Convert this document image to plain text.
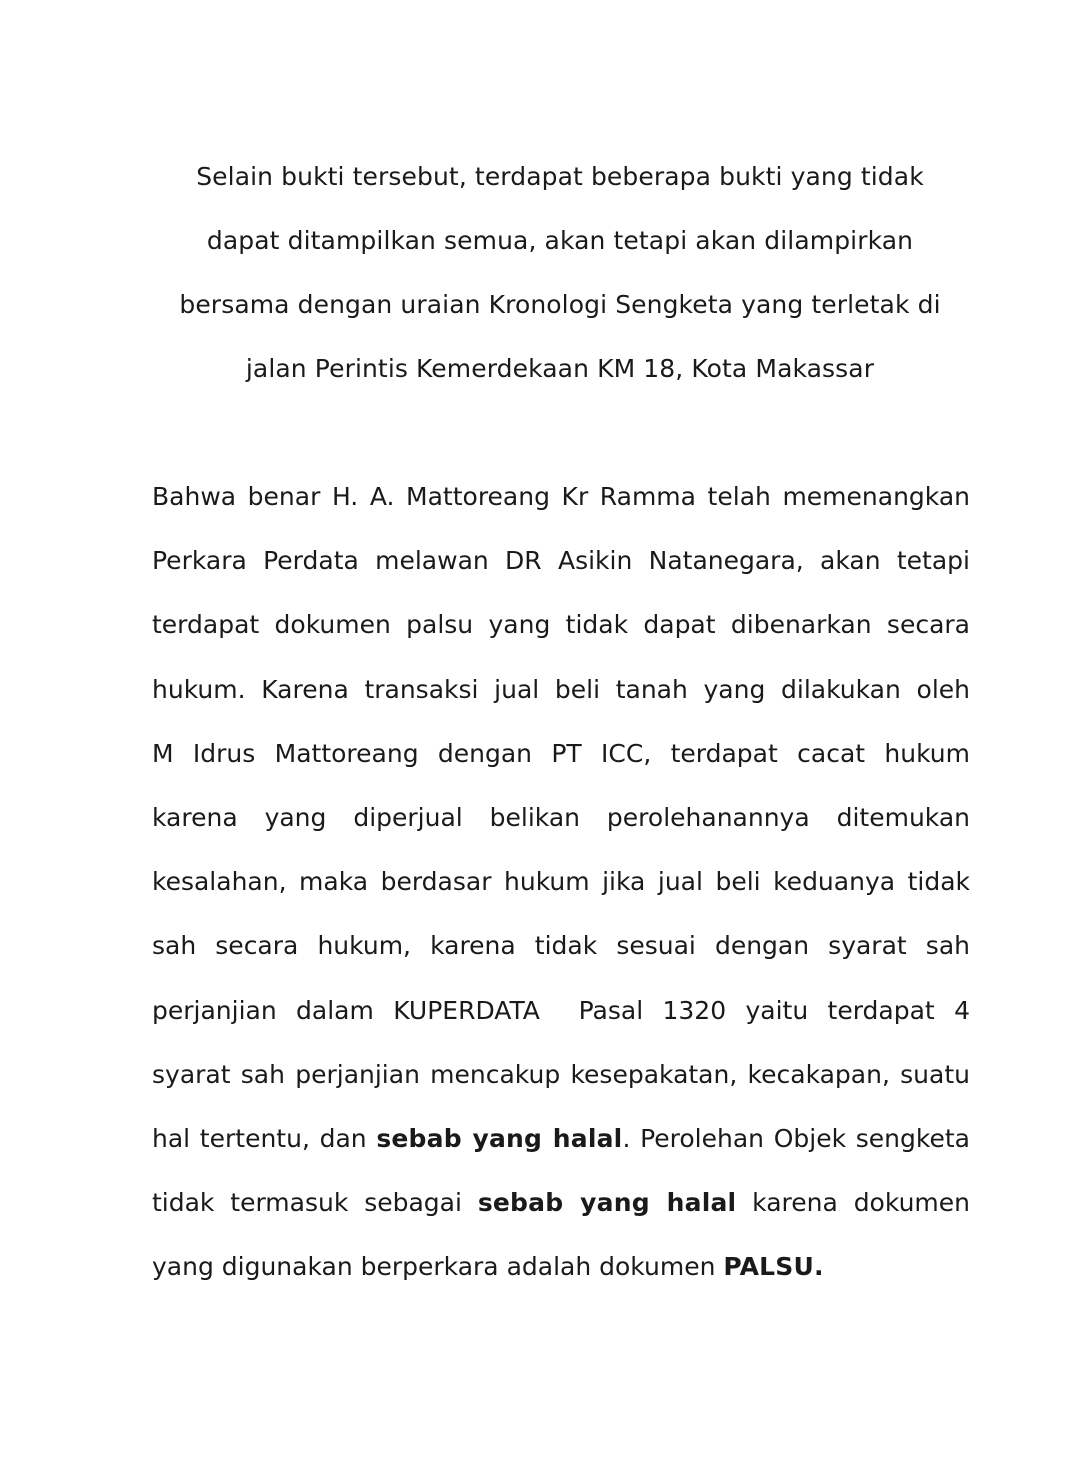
Selain bukti tersebut, terdapat beberapa bukti yang tidak
dapat ditampilkan semua, akan tetapi akan dilampirkan
bersama dengan uraian Kronologi Sengketa yang terletak di
jalan Perintis Kemerdekaan KM 18, Kota Makassar
Bahwa benar H. A. Mattoreang Kr Ramma telah memenangkan
Perkara Perdata melawan DR Asikin Natanegara, akan tetapi
terdapat dokumen palsu yang tidak dapat dibenarkan secara
hukum. Karena transaksi jual beli tanah yang dilakukan oleh
M Idrus Mattoreang dengan PT ICC, terdapat cacat hukum
karena yang diperjual belikan perolehanannya ditemukan
kesalahan, maka berdasar hukum jika jual beli keduanya tidak
sah secara hukum, karena tidak sesuai dengan syarat sah
perjanjian dalam KUPERDATA  Pasal 1320 yaitu terdapat 4
syarat sah perjanjian mencakup kesepakatan, kecakapan, suatu
hal tertentu, dan sebab yang halal. Perolehan Objek sengketa
tidak termasuk sebagai sebab yang halal karena dokumen
yang digunakan berperkara adalah dokumen PALSU.
